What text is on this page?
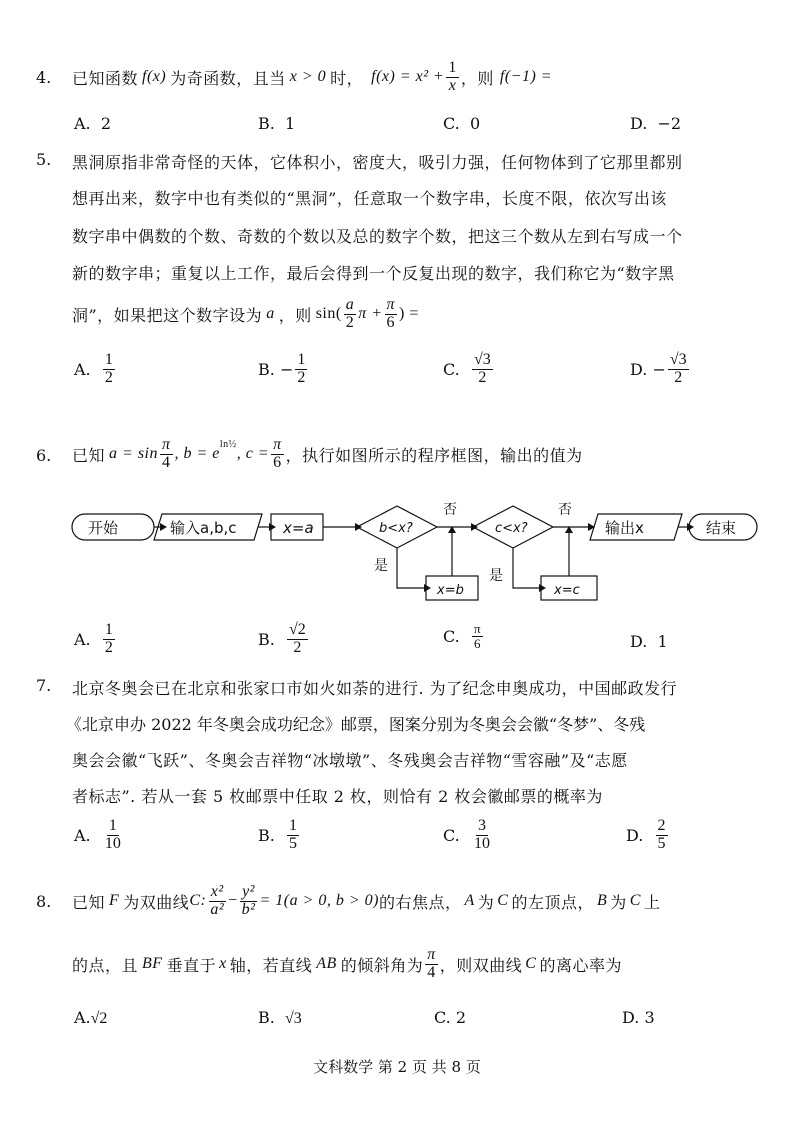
4. 已知函数 f(x) 为奇函数，且当 x > 0 时， $f(x) = x^2 + \frac{1}{x}$ ，则 f(−1) =
A. 2	B. 1	C. 0	D. −2
5. 黑洞原指非常奇怪的天体，它体积小，密度大，吸引力强，任何物体到了它那里都别
想再出来，数字中也有类似的“黑洞”，任意取一个数字串，长度不限，依次写出该
数字串中偶数的个数、奇数的个数以及总的数字个数，把这三个数从左到右写成一个
新的数字串；重复以上工作，最后会得到一个反复出现的数字，我们称它为“数字黑
洞”，如果把这个数字设为 a ，则 $\sin( \frac{a}{2}$ $\pi + \frac{\pi}{6}$ ) =
A.
$\frac{1}{2}$	B.
− $\frac{1}{2}$	C.
$\frac{√3}{2}$	D.
− $\frac{√3}{2}$
6. 已知 $a = \sin \frac{\pi}{4}$ , b = e
$^{ln\frac{1}{2}}$
, $c = \frac{\pi}{6}$ ，执行如图所示的程序框图，输出的值为
开始	输入a,b,c	x=a	b<x?	c<x?	输出x	结束
x=b	x=c
否	否
是
是
A.
$\frac{1}{2}$	B.
$\frac{√2}{2}$	C.
$\frac{\pi}{6}$	D. 1
7. 北京冬奥会已在北京和张家口市如火如荼的进行. 为了纪念申奥成功，中国邮政发行
《北京申办 2022 年冬奥会成功纪念》邮票，图案分别为冬奥会会徽“冬梦”、冬残
奥会会徽“飞跃”、冬奥会吉祥物“冰墩墩”、冬残奥会吉祥物“雪容融”及“志愿
者标志”. 若从一套 5 枚邮票中任取 2 枚，则恰有 2 枚会徽邮票的概率为
A.
$\frac{1}{10}$	B.
$\frac{1}{5}$	C.
$\frac{3}{10}$	D.
$\frac{2}{5}$
8. 已知 F 为双曲线 C: $\frac{\text{x²}}{\text{a²}} - \frac{\text{y²}}{\text{b²}} = 1(a > 0$, b > 0) 的右焦点， A 为 C 的左顶点， B 为 C 上
的点，且 BF 垂直于 x 轴，若直线 AB 的倾斜角为 $\frac{\pi}{4}$ ，则双曲线 C 的离心率为
A.√2	B. √3	C. 2	D. 3
文科数学 第 2 页 共 8 页
